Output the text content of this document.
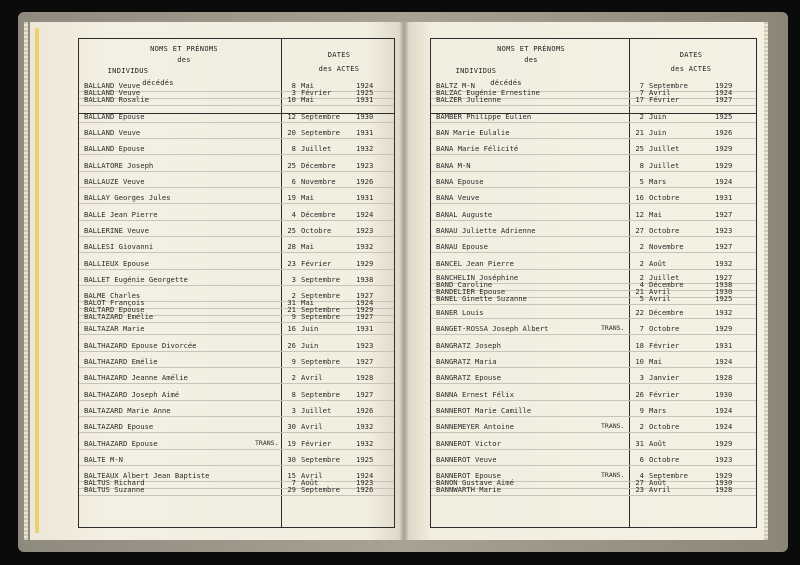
NOMS ET PRÉNOMS
des
INDIVIDUS
décédés
DATES
des ACTES
BALLAND Veuve	8 Mai	1924
BALLAND Veuve	3 Février	1925
BALLAND Rosalie	10 Mai	1931
BALLAND Epouse	12 Septembre 1930
BALLAND Veuve	20 Septembre 1931
BALLAND Epouse	8 Juillet	1932
BALLATORE Joseph	25 Décembre	1923
BALLAUZE Veuve	6 Novembre	1926
BALLAY Georges Jules	19 Mai	1931
BALLE Jean Pierre	4 Décembre	1924
BALLERINE Veuve	25 Octobre	1923
BALLESI Giovanni	28 Mai	1932
BALLIEUX Epouse	23 Février	1929
BALLET Eugénie Georgette	3 Septembre 1938
BALME Charles	2 Septembre 1927
BALOT François	31 Mai	1924
BALTARD Epouse	21 Septembre 1929
BALTAZARD Emélie	9 Septembre 1927
BALTAZAR Marie	16 Juin	1931
BALTHAZARD Epouse Divorcée	26 Juin	1923
BALTHAZARD Emélie	9 Septembre 1927
BALTHAZARD Jeanne Amélie	2 Avril	1928
BALTHAZARD Joseph Aimé	8 Septembre 1927
BALTAZARD Marie Anne	3 Juillet	1926
BALTAZARD Epouse	30 Avril	1932
BALTHAZARD Epouse	TRANS.	19 Février	1932
BALTE M-N	30 Septembre 1925
BALTEAUX Albert Jean Baptiste	15 Avril	1924
BALTUS Richard	7 Août	1923
BALTUS Suzanne	29 Septembre 1926
NOMS ET PRÉNOMS
des
INDIVIDUS
décédés
DATES
des ACTES
BALTZ M-N	7 Septembre	1929
BALZAC Eugénie Ernestine	7 Avril	1924
BALZER Julienne	17 Février	1927
BAMBER Philippe Eulien	2 Juin	1925
BAN Marie Eulalie	21 Juin	1926
BANA Marie Félicité	25 Juillet	1929
BANA M-N	8 Juillet	1929
BANA Epouse	5 Mars	1924
BANA Veuve	16 Octobre	1931
BANAL Auguste	12 Mai	1927
BANAU Juliette Adrienne	27 Octobre	1923
BANAU Epouse	2 Novembre	1927
BANCEL Jean Pierre	2 Août	1932
BANCHELIN Joséphine	2 Juillet	1927
BAND Caroline	4 Décembre	1938
BANDELIER Epouse	21 Avril	1930
BANEL Ginette Suzanne	5 Avril	1925
BANER Louis	22 Décembre	1932
BANGET-ROSSA Joseph Albert	TRANS.	7 Octobre	1929
BANGRATZ Joseph	18 Février	1931
BANGRATZ Maria	10 Mai	1924
BANGRATZ Epouse	3 Janvier	1928
BANNA Ernest Félix	26 Février	1930
BANNEROT Marie Camille	9 Mars	1924
BANNEMEYER Antoine	TRANS.	2 Octobre	1924
BANNEROT Victor	31 Août	1929
BANNEROT Veuve	6 Octobre	1923
BANNEROT Epouse	TRANS.	4 Septembre	1929
BANON Gustave Aimé	27 Août	1930
BANNWARTH Marie	23 Avril	1928
